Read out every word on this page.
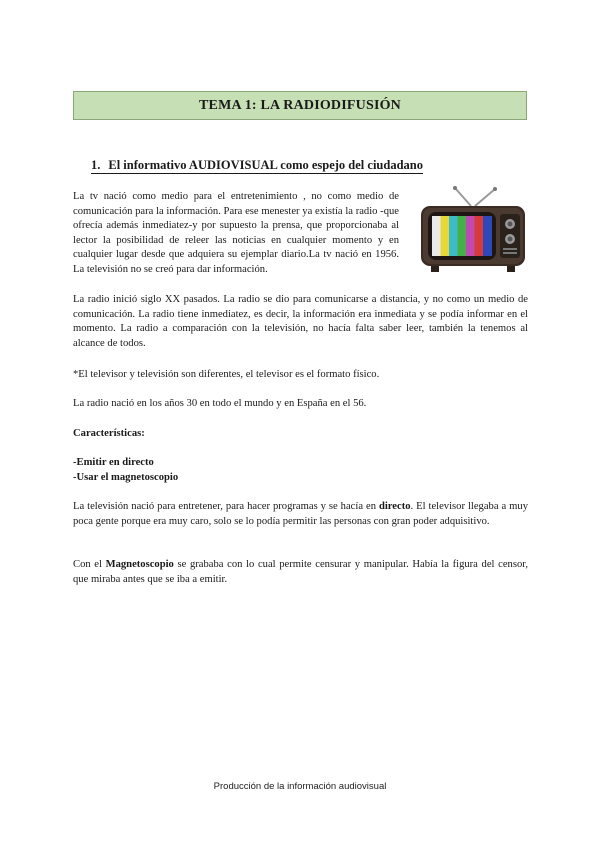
TEMA 1: LA RADIODIFUSIÓN
1. El informativo AUDIOVISUAL como espejo del ciudadano

La tv nació como medio para el entretenimiento , no como medio de comunicación para la información. Para ese menester ya existía la radio -que ofrecía además inmediatez-y por supuesto la prensa, que proporcionaba al lector la posibilidad de releer las noticias en cualquier momento y en cualquier lugar desde que adquiera su ejemplar diario.La tv nació en 1956. La televisión no se creó para dar información.

La radio inició siglo XX pasados. La radio se dio para comunicarse a distancia, y no como un medio de comunicación. La radio tiene inmediatez, es decir, la información era inmediata y se podía informar en el momento. La radio a comparación con la televisión, no hacía falta saber leer, también la tenemos al alcance de todos.

*El televisor y televisión son diferentes, el televisor es el formato físico.

La radio nació en los años 30 en todo el mundo y en España en el 56.

Características:

-Emitir en directo
-Usar el magnetoscopio

La televisión nació para entretener, para hacer programas y se hacía en directo. El televisor llegaba a muy poca gente porque era muy caro, solo se lo podía permitir las personas con gran poder adquisitivo.

Con el Magnetoscopio se grababa con lo cual permite censurar y manipular. Había la figura del censor, que miraba antes que se iba a emitir.

Producción de la información audiovisual
